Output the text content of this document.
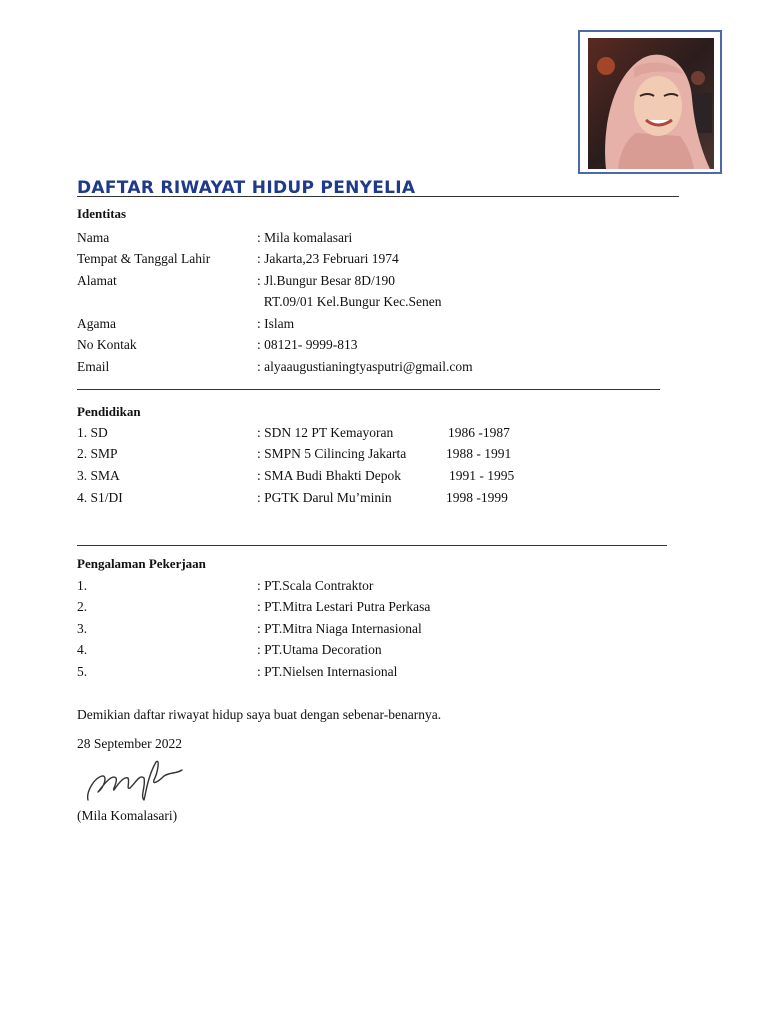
DAFTAR RIWAYAT HIDUP PENYELIA
Identitas
Nama	: Mila komalasari
Tempat & Tanggal Lahir	: Jakarta,23 Februari 1974
Alamat	: Jl.Bungur Besar 8D/190
RT.09/01 Kel.Bungur Kec.Senen
Agama	: Islam
No Kontak	: 08121- 9999-813
Email	: alyaaugustianingtyasputri@gmail.com
Pendidikan
1. SD	: SDN 12 PT Kemayoran	1986 -1987
2. SMP	: SMPN 5 Cilincing Jakarta	1988 - 1991
3. SMA	: SMA Budi Bhakti Depok	1991 - 1995
4. S1/DI	: PGTK Darul Mu’minin	1998 -1999
Pengalaman Pekerjaan
1.	: PT.Scala Contraktor
2.	: PT.Mitra Lestari Putra Perkasa
3.	: PT.Mitra Niaga Internasional
4.	: PT.Utama Decoration
5.	: PT.Nielsen Internasional

Demikian daftar riwayat hidup saya buat dengan sebenar-benarnya.

28 September 2022

(Mila Komalasari)
